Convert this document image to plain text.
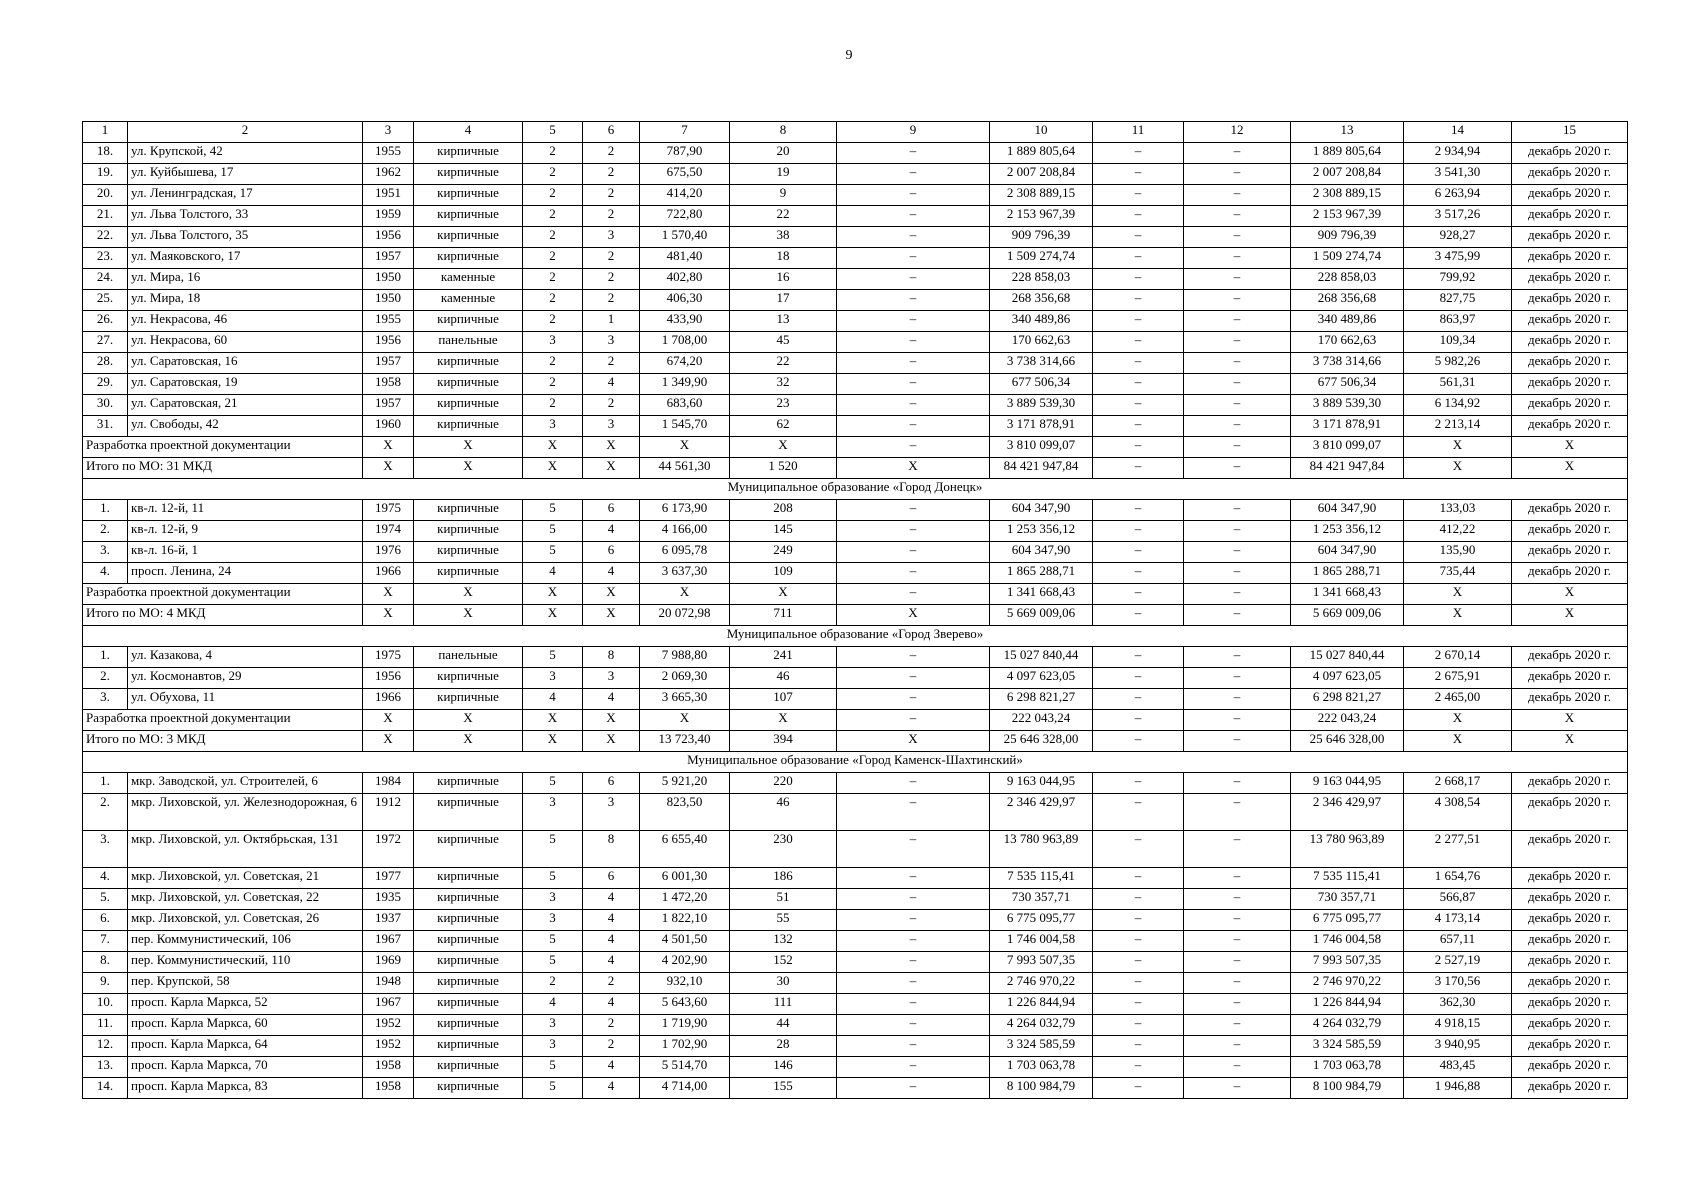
9
1	2	3	4	5	6	7	8	9	10	11	12	13	14	15
18.	ул. Крупской, 42	1955	кирпичные	2	2	787,90	20	–	1 889 805,64	–	–	1 889 805,64	2 934,94	декабрь 2020 г.
19.	ул. Куйбышева, 17	1962	кирпичные	2	2	675,50	19	–	2 007 208,84	–	–	2 007 208,84	3 541,30	декабрь 2020 г.
20.	ул. Ленинградская, 17	1951	кирпичные	2	2	414,20	9	–	2 308 889,15	–	–	2 308 889,15	6 263,94	декабрь 2020 г.
21.	ул. Льва Толстого, 33	1959	кирпичные	2	2	722,80	22	–	2 153 967,39	–	–	2 153 967,39	3 517,26	декабрь 2020 г.
22.	ул. Льва Толстого, 35	1956	кирпичные	2	3	1 570,40	38	–	909 796,39	–	–	909 796,39	928,27	декабрь 2020 г.
23.	ул. Маяковского, 17	1957	кирпичные	2	2	481,40	18	–	1 509 274,74	–	–	1 509 274,74	3 475,99	декабрь 2020 г.
24.	ул. Мира, 16	1950	каменные	2	2	402,80	16	–	228 858,03	–	–	228 858,03	799,92	декабрь 2020 г.
25.	ул. Мира, 18	1950	каменные	2	2	406,30	17	–	268 356,68	–	–	268 356,68	827,75	декабрь 2020 г.
26.	ул. Некрасова, 46	1955	кирпичные	2	1	433,90	13	–	340 489,86	–	–	340 489,86	863,97	декабрь 2020 г.
27.	ул. Некрасова, 60	1956	панельные	3	3	1 708,00	45	–	170 662,63	–	–	170 662,63	109,34	декабрь 2020 г.
28.	ул. Саратовская, 16	1957	кирпичные	2	2	674,20	22	–	3 738 314,66	–	–	3 738 314,66	5 982,26	декабрь 2020 г.
29.	ул. Саратовская, 19	1958	кирпичные	2	4	1 349,90	32	–	677 506,34	–	–	677 506,34	561,31	декабрь 2020 г.
30.	ул. Саратовская, 21	1957	кирпичные	2	2	683,60	23	–	3 889 539,30	–	–	3 889 539,30	6 134,92	декабрь 2020 г.
31.	ул. Свободы, 42	1960	кирпичные	3	3	1 545,70	62	–	3 171 878,91	–	–	3 171 878,91	2 213,14	декабрь 2020 г.
Разработка проектной документации		X	X	X	X	X	X	–	3 810 099,07	–	–	3 810 099,07	X	X
Итого по МО: 31 МКД		X	X	X	X	44 561,30	1 520	X	84 421 947,84	–	–	84 421 947,84	X	X
Муниципальное образование «Город Донецк»														
1.	кв-л. 12-й, 11	1975	кирпичные	5	6	6 173,90	208	–	604 347,90	–	–	604 347,90	133,03	декабрь 2020 г.
2.	кв-л. 12-й, 9	1974	кирпичные	5	4	4 166,00	145	–	1 253 356,12	–	–	1 253 356,12	412,22	декабрь 2020 г.
3.	кв-л. 16-й, 1	1976	кирпичные	5	6	6 095,78	249	–	604 347,90	–	–	604 347,90	135,90	декабрь 2020 г.
4.	просп. Ленина, 24	1966	кирпичные	4	4	3 637,30	109	–	1 865 288,71	–	–	1 865 288,71	735,44	декабрь 2020 г.
Разработка проектной документации		X	X	X	X	X	X	–	1 341 668,43	–	–	1 341 668,43	X	X
Итого по МО: 4 МКД		X	X	X	X	20 072,98	711	X	5 669 009,06	–	–	5 669 009,06	X	X
Муниципальное образование «Город Зверево»														
1.	ул. Казакова, 4	1975	панельные	5	8	7 988,80	241	–	15 027 840,44	–	–	15 027 840,44	2 670,14	декабрь 2020 г.
2.	ул. Космонавтов, 29	1956	кирпичные	3	3	2 069,30	46	–	4 097 623,05	–	–	4 097 623,05	2 675,91	декабрь 2020 г.
3.	ул. Обухова, 11	1966	кирпичные	4	4	3 665,30	107	–	6 298 821,27	–	–	6 298 821,27	2 465,00	декабрь 2020 г.
Разработка проектной документации		X	X	X	X	X	X	–	222 043,24	–	–	222 043,24	X	X
Итого по МО: 3 МКД		X	X	X	X	13 723,40	394	X	25 646 328,00	–	–	25 646 328,00	X	X
Муниципальное образование «Город Каменск-Шахтинский»														
1.	мкр. Заводской, ул. Строителей, 6	1984	кирпичные	5	6	5 921,20	220	–	9 163 044,95	–	–	9 163 044,95	2 668,17	декабрь 2020 г.
2.	мкр. Лиховской, ул. Железнодорожная, 6	1912	кирпичные	3	3	823,50	46	–	2 346 429,97	–	–	2 346 429,97	4 308,54	декабрь 2020 г.
3.	мкр. Лиховской, ул. Октябрьская, 131	1972	кирпичные	5	8	6 655,40	230	–	13 780 963,89	–	–	13 780 963,89	2 277,51	декабрь 2020 г.
4.	мкр. Лиховской, ул. Советская, 21	1977	кирпичные	5	6	6 001,30	186	–	7 535 115,41	–	–	7 535 115,41	1 654,76	декабрь 2020 г.
5.	мкр. Лиховской, ул. Советская, 22	1935	кирпичные	3	4	1 472,20	51	–	730 357,71	–	–	730 357,71	566,87	декабрь 2020 г.
6.	мкр. Лиховской, ул. Советская, 26	1937	кирпичные	3	4	1 822,10	55	–	6 775 095,77	–	–	6 775 095,77	4 173,14	декабрь 2020 г.
7.	пер. Коммунистический, 106	1967	кирпичные	5	4	4 501,50	132	–	1 746 004,58	–	–	1 746 004,58	657,11	декабрь 2020 г.
8.	пер. Коммунистический, 110	1969	кирпичные	5	4	4 202,90	152	–	7 993 507,35	–	–	7 993 507,35	2 527,19	декабрь 2020 г.
9.	пер. Крупской, 58	1948	кирпичные	2	2	932,10	30	–	2 746 970,22	–	–	2 746 970,22	3 170,56	декабрь 2020 г.
10.	просп. Карла Маркса, 52	1967	кирпичные	4	4	5 643,60	111	–	1 226 844,94	–	–	1 226 844,94	362,30	декабрь 2020 г.
11.	просп. Карла Маркса, 60	1952	кирпичные	3	2	1 719,90	44	–	4 264 032,79	–	–	4 264 032,79	4 918,15	декабрь 2020 г.
12.	просп. Карла Маркса, 64	1952	кирпичные	3	2	1 702,90	28	–	3 324 585,59	–	–	3 324 585,59	3 940,95	декабрь 2020 г.
13.	просп. Карла Маркса, 70	1958	кирпичные	5	4	5 514,70	146	–	1 703 063,78	–	–	1 703 063,78	483,45	декабрь 2020 г.
14.	просп. Карла Маркса, 83	1958	кирпичные	5	4	4 714,00	155	–	8 100 984,79	–	–	8 100 984,79	1 946,88	декабрь 2020 г.
